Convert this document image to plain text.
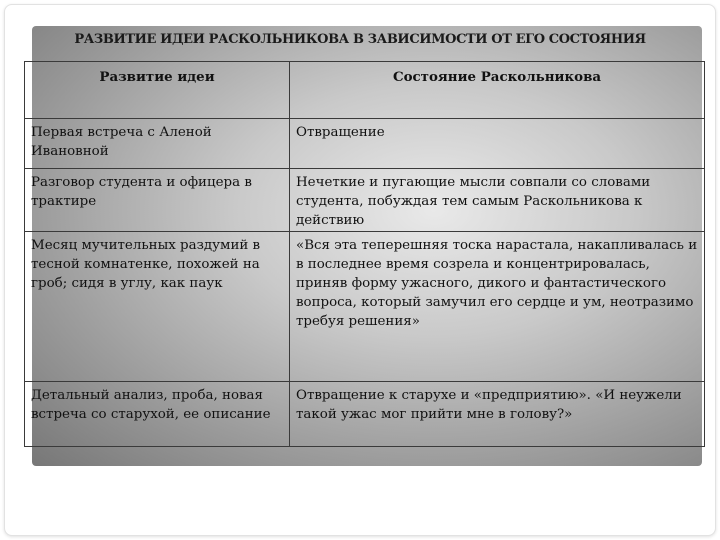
РАЗВИТИЕ ИДЕИ РАСКОЛЬНИКОВА В ЗАВИСИМОСТИ ОТ ЕГО СОСТОЯНИЯ
Развитие идеи	Состояние Раскольникова
Первая встреча с Аленой Ивановной	Отвращение
Разговор студента и офицера в трактире	Нечеткие и пугающие мысли совпали со словами студента, побуждая тем самым Раскольникова к действию
Месяц мучительных раздумий в тесной комнатенке, похожей на гроб; сидя в углу, как паук	«Вся эта теперешняя тоска нарастала, накапливалась и в последнее время созрела и концентрировалась, приняв форму ужасного, дикого и фантастического вопроса, который замучил его сердце и ум, неотразимо требуя решения»
Детальный анализ, проба, новая встреча со старухой, ее описание	Отвращение к старухе и «предприятию». «И неужели такой ужас мог прийти мне в голову?»
